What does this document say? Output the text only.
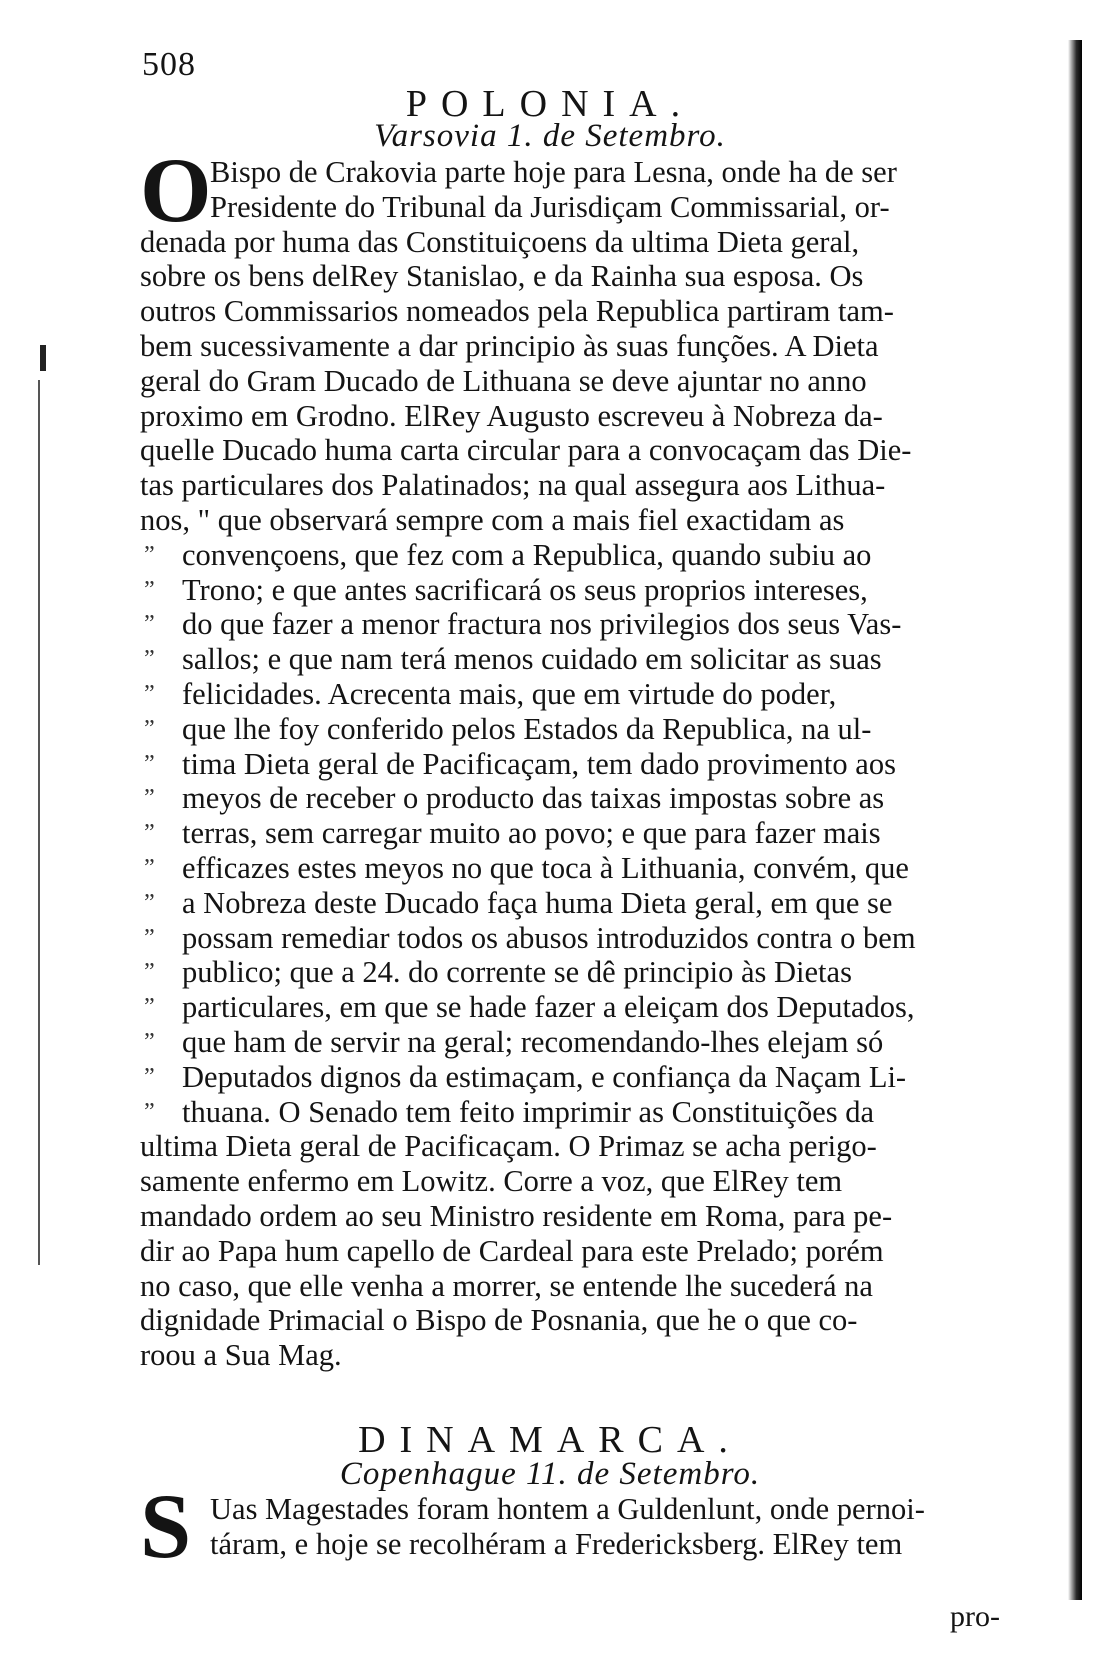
508
POLONIA.
Varsovia 1. de Setembro.
O
Bispo de Crakovia parte hoje para Lesna, onde ha de ser
Presidente do Tribunal da Jurisdiçam Commissarial, or-
denada por huma das Constituiçoens da ultima Dieta geral,
sobre os bens delRey Stanislao, e da Rainha sua esposa. Os
outros Commissarios nomeados pela Republica partiram tam-
bem sucessivamente a dar principio às suas funções. A Dieta
geral do Gram Ducado de Lithuana se deve ajuntar no anno
proximo em Grodno. ElRey Augusto escreveu à Nobreza da-
quelle Ducado huma carta circular para a convocaçam das Die-
tas particulares dos Palatinados; na qual assegura aos Lithua-
nos, " que observará sempre com a mais fiel exactidam as
” convençoens, que fez com a Republica, quando subiu ao
” Trono; e que antes sacrificará os seus proprios intereses,
” do que fazer a menor fractura nos privilegios dos seus Vas-
” sallos; e que nam terá menos cuidado em solicitar as suas
” felicidades. Acrecenta mais, que em virtude do poder,
” que lhe foy conferido pelos Estados da Republica, na ul-
” tima Dieta geral de Pacificaçam, tem dado provimento aos
” meyos de receber o producto das taixas impostas sobre as
” terras, sem carregar muito ao povo; e que para fazer mais
” efficazes estes meyos no que toca à Lithuania, convém, que
” a Nobreza deste Ducado faça huma Dieta geral, em que se
” possam remediar todos os abusos introduzidos contra o bem
” publico; que a 24. do corrente se dê principio às Dietas
” particulares, em que se hade fazer a eleiçam dos Deputados,
” que ham de servir na geral; recomendando-lhes elejam só
” Deputados dignos da estimaçam, e confiança da Naçam Li-
” thuana. O Senado tem feito imprimir as Constituições da
ultima Dieta geral de Pacificaçam. O Primaz se acha perigo-
samente enfermo em Lowitz. Corre a voz, que ElRey tem
mandado ordem ao seu Ministro residente em Roma, para pe-
dir ao Papa hum capello de Cardeal para este Prelado; porém
no caso, que elle venha a morrer, se entende lhe sucederá na
dignidade Primacial o Bispo de Posnania, que he o que co-
roou a Sua Mag.
DINAMARCA.
Copenhague 11. de Setembro.
S Uas Magestades foram hontem a Guldenlunt, onde pernoi-
táram, e hoje se recolhéram a Fredericksberg. ElRey tem
pro-
